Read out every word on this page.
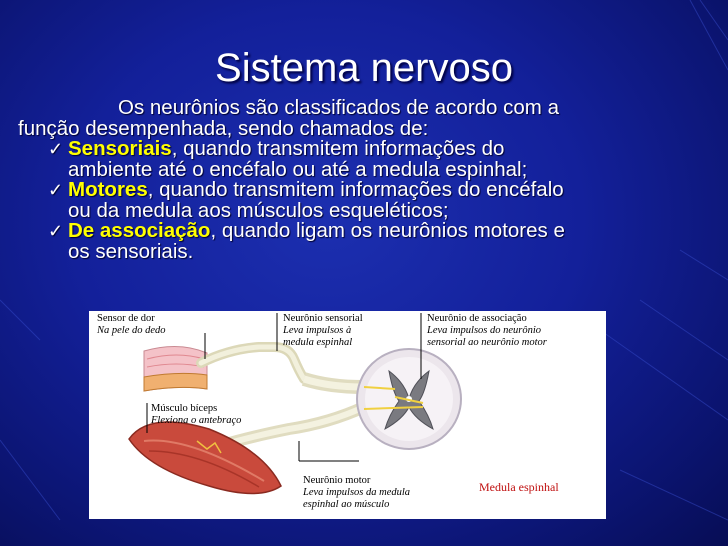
Sistema nervoso
Os neurônios são classificados de acordo com a
função desempenhada, sendo chamados de:
✓ Sensoriais, quando transmitem informações do
ambiente até o encéfalo ou até a medula espinhal;
✓ Motores, quando transmitem informações do encéfalo
ou da medula aos músculos esqueléticos;
✓ De associação, quando ligam os neurônios motores e
os sensoriais.
Sensor de dor
Na pele do dedo
Neurônio sensorial
Leva impulsos à
medula espinhal
Neurônio de associação
Leva impulsos do neurônio
sensorial ao neurônio motor
Músculo bíceps
Flexiona o antebraço
Neurônio motor
Leva impulsos da medula
espinhal ao músculo
Medula espinhal
